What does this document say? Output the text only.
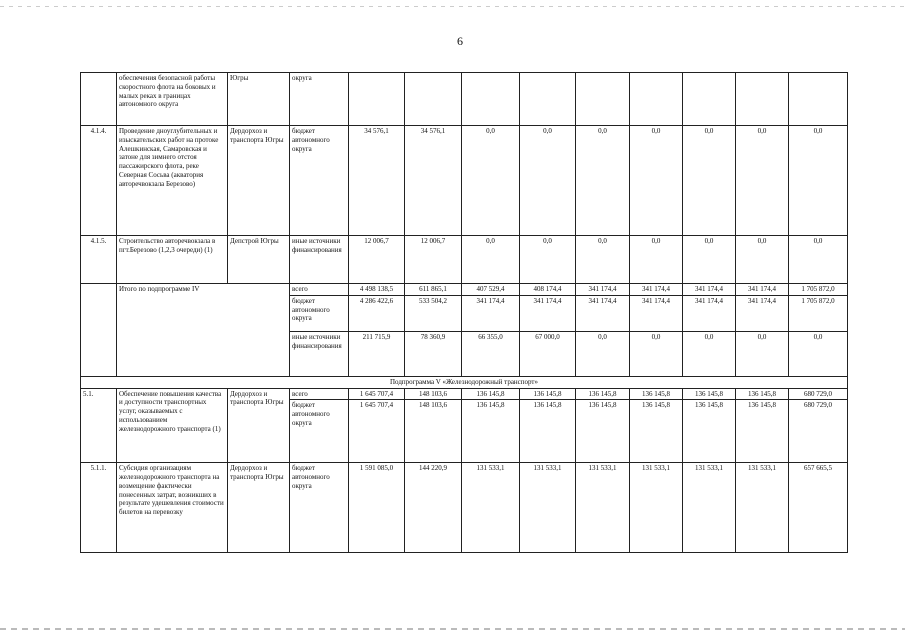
6
	обеспечения безопасной работы скоростного флота на боковых и малых реках в границах автономного округа	Югры	округа									
4.1.4.	Проведение дноуглубительных и изыскательских работ на протоке Алешкинская, Самаровская и затоне для зимнего отстоя пассажирского флота, реке Северная Сосьва (акватория авторечвокзала Березово)	Дepдopxoз и транспорта Югры	бюджет автономного округа	34 576,1	34 576,1	0,0	0,0	0,0	0,0	0,0	0,0	0,0
4.1.5.	Строительство авторечвокзала в пгт.Березово (1,2,3 очереди) (1)	Депстрой Югры	иные источники финансирования	12 006,7	12 006,7	0,0	0,0	0,0	0,0	0,0	0,0	0,0
	Итого по подпрограмме IV		всего	4 498 138,5	611 865,1	407 529,4	408 174,4	341 174,4	341 174,4	341 174,4	341 174,4	1 705 872,0
			бюджет автономного округа	4 286 422,6	533 504,2	341 174,4	341 174,4	341 174,4	341 174,4	341 174,4	341 174,4	1 705 872,0
			иные источники финансирования	211 715,9	78 360,9	66 355,0	67 000,0	0,0	0,0	0,0	0,0	0,0
Подпрограмма V «Железнодорожный транспорт»												
5.1.	Обеспечение повышения качества и доступности транспортных услуг, оказываемых с использованием железнодорожного транспорта (1)	Дepдopxoз и транспорта Югры	всего	1 645 707,4	148 103,6	136 145,8	136 145,8	136 145,8	136 145,8	136 145,8	136 145,8	680 729,0
			бюджет автономного округа	1 645 707,4	148 103,6	136 145,8	136 145,8	136 145,8	136 145,8	136 145,8	136 145,8	680 729,0
5.1.1.	Субсидия организациям железнодорожного транспорта на возмещение фактически понесенных затрат, возникших в результате удешевления стоимости билетов на перевозку	Дepдopxoз и транспорта Югры	бюджет автономного округа	1 591 085,0	144 220,9	131 533,1	131 533,1	131 533,1	131 533,1	131 533,1	131 533,1	657 665,5
